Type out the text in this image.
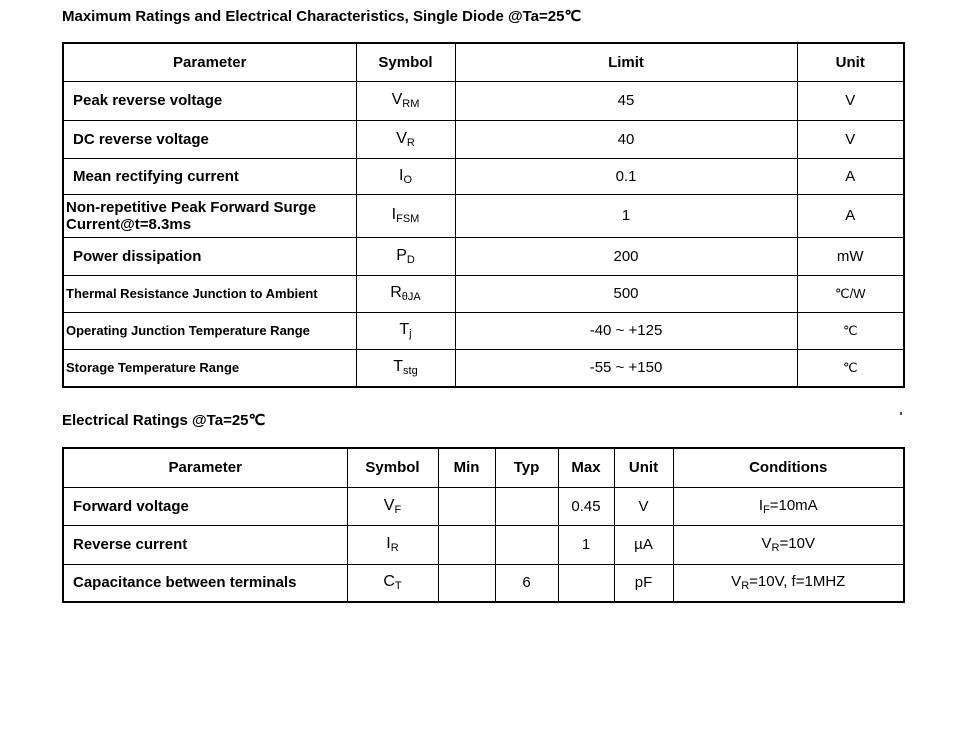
Maximum Ratings and Electrical Characteristics, Single Diode @Ta=25℃
Parameter	Symbol	Limit	Unit
Peak reverse voltage	$V_{RM}$	45	V
DC reverse voltage	$V_R$	40	V
Mean rectifying current	$I_O$	0.1	A
Non-repetitive Peak Forward Surge Current@t=8.3ms	$I_{FSM}$	1	A
Power dissipation	$P_D$	200	mW
Thermal Resistance Junction to Ambient	$R_{\theta JA}$	500	℃/W
Operating Junction Temperature Range	$T_j$	-40 ~ +125	℃
Storage Temperature Range	$T_{stg}$	-55 ~ +150	℃
Electrical Ratings @Ta=25℃
Parameter	Symbol	Min	Typ	Max	Unit	Conditions
Forward voltage	$V_F$			0.45	V	$I_F=10mA$
Reverse current	$I_R$			1	µA	$V_R=10V$
Capacitance between terminals	$C_T$		6		pF	$V_R=10V$, f=1MHZ
